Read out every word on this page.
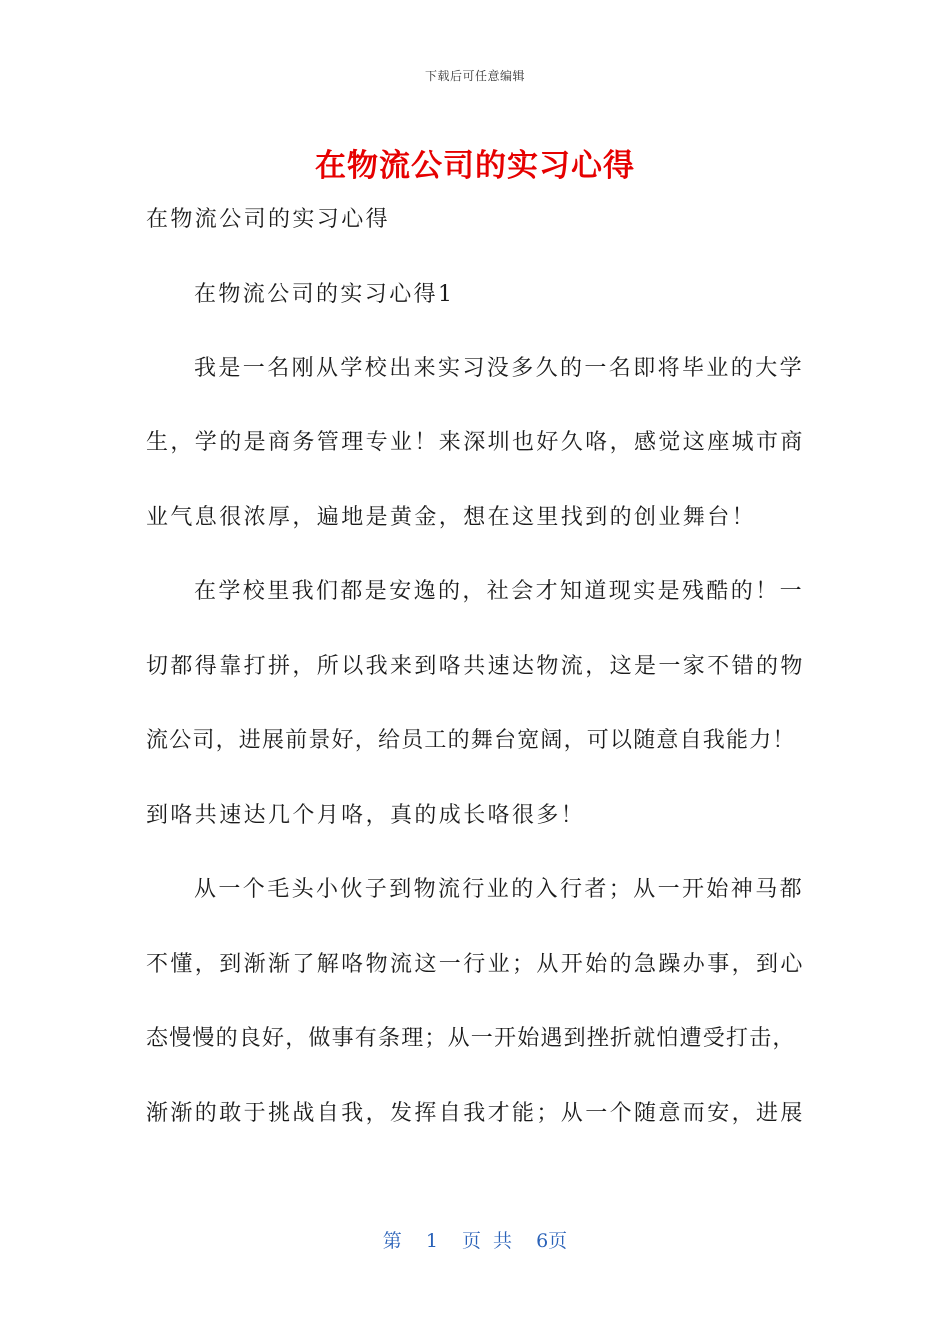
下载后可任意编辑
在物流公司的实习心得
在物流公司的实习心得
在物流公司的实习心得1
我是一名刚从学校出来实习没多久的一名即将毕业的大学
生，学的是商务管理专业！来深圳也好久咯，感觉这座城市商
业气息很浓厚，遍地是黄金，想在这里找到的创业舞台！
在学校里我们都是安逸的，社会才知道现实是残酷的！一
切都得靠打拼，所以我来到咯共速达物流，这是一家不错的物
流公司，进展前景好，给员工的舞台宽阔，可以随意自我能力！
到咯共速达几个月咯，真的成长咯很多！
从一个毛头小伙子到物流行业的入行者；从一开始神马都
不懂，到渐渐了解咯物流这一行业；从开始的急躁办事，到心
态慢慢的良好，做事有条理；从一开始遇到挫折就怕遭受打击，
渐渐的敢于挑战自我，发挥自我才能；从一个随意而安，进展
第 1 页 共 6页
